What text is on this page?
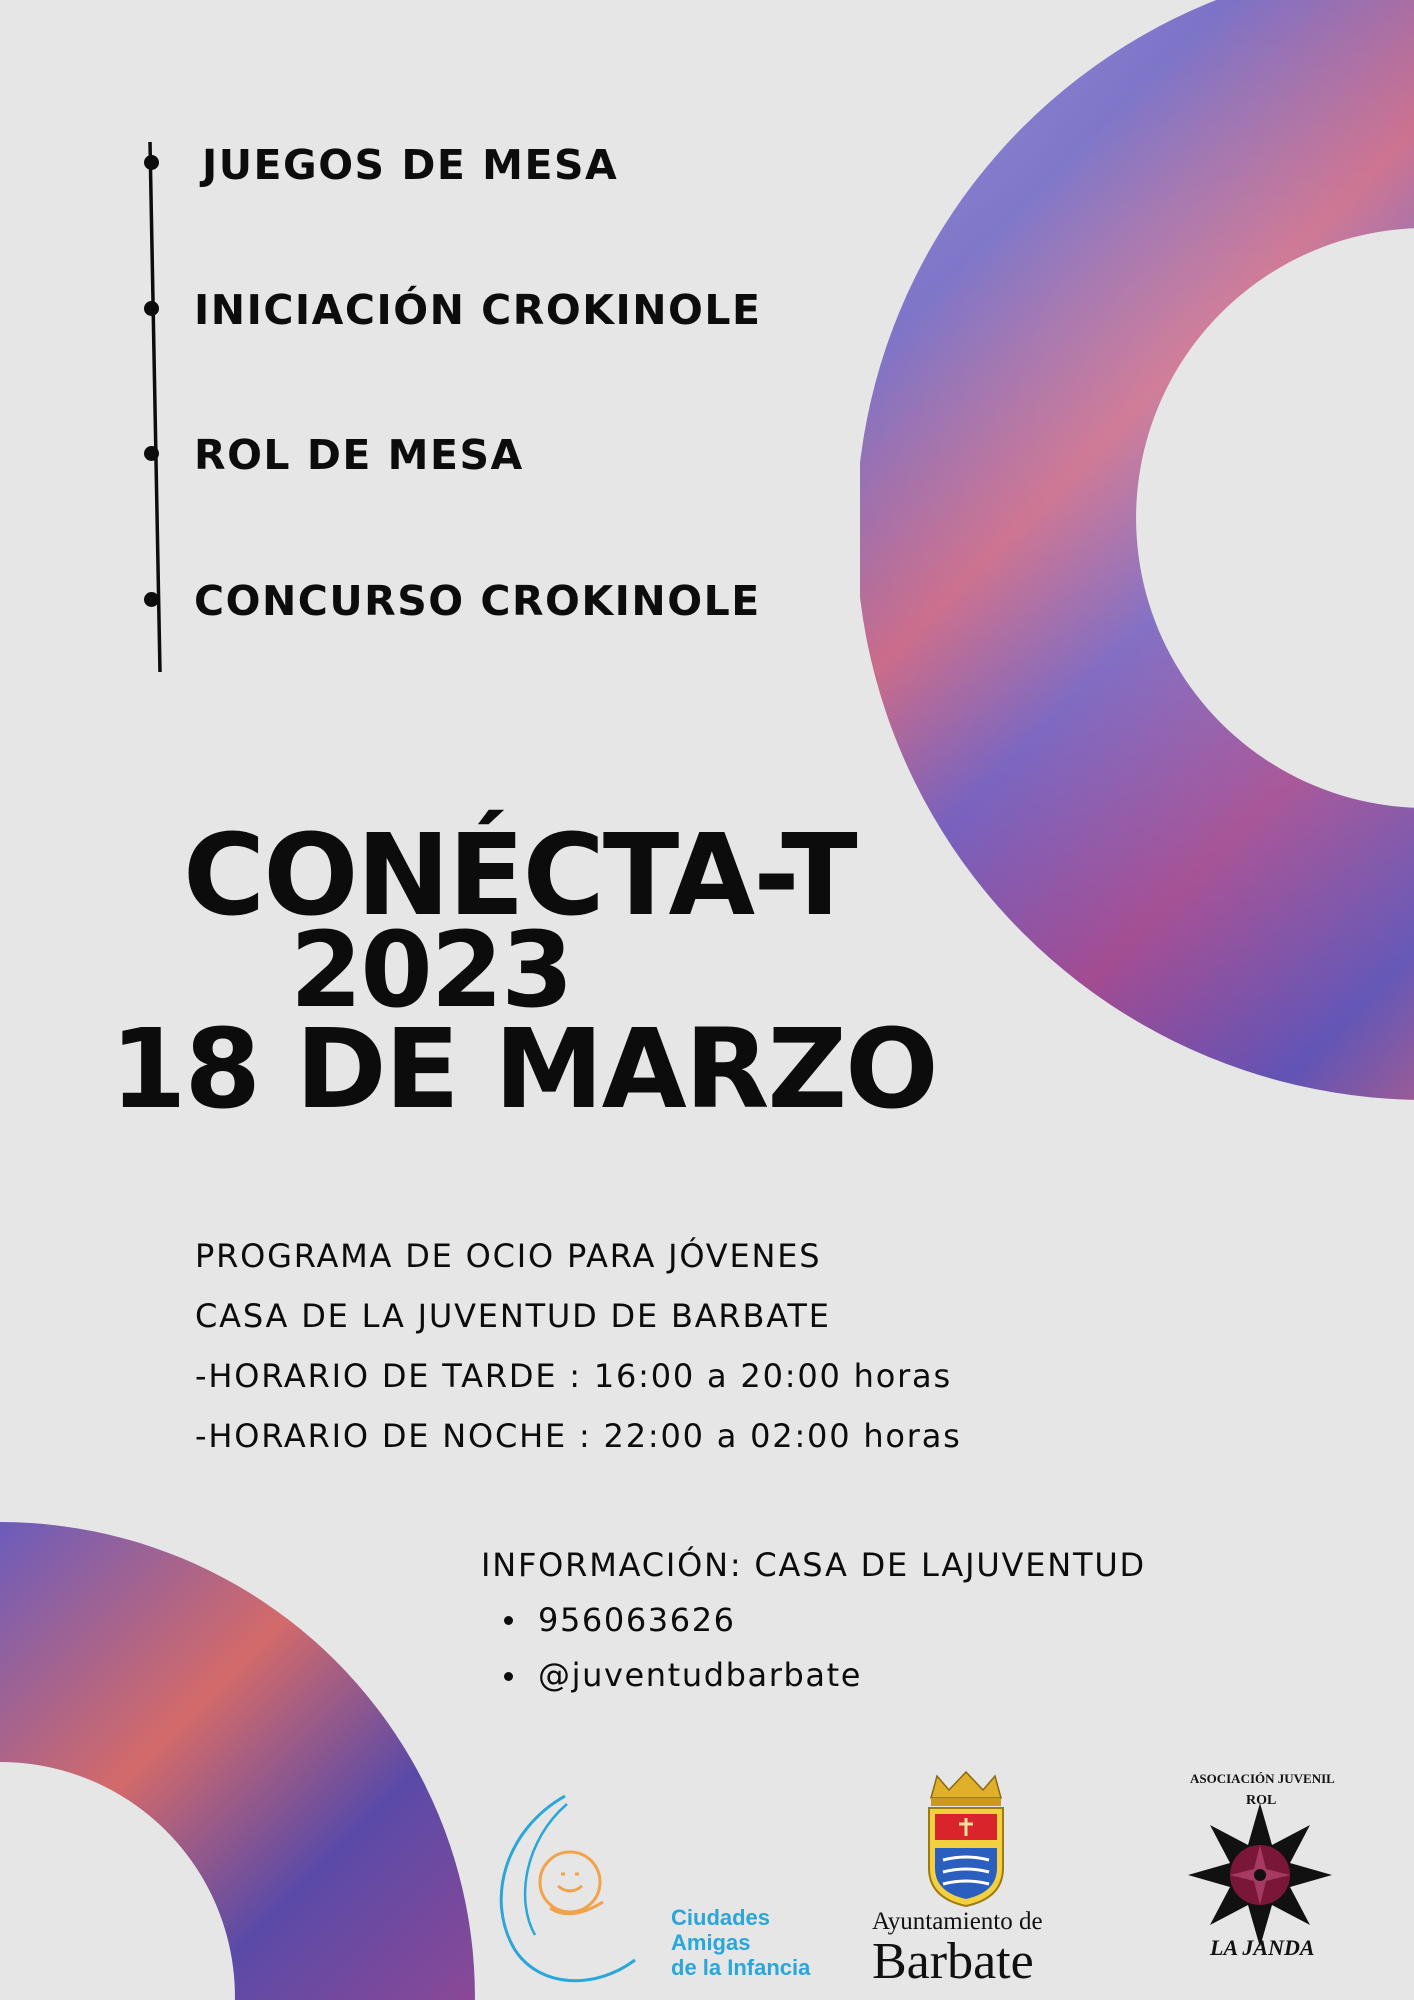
JUEGOS DE MESA
INICIACIÓN CROKINOLE
ROL DE MESA
CONCURSO CROKINOLE
CONÉCTA-T
2023
18 DE MARZO
PROGRAMA DE OCIO PARA JÓVENES
CASA DE LA JUVENTUD DE BARBATE
-HORARIO DE TARDE : 16:00 a 20:00 horas
-HORARIO DE NOCHE : 22:00 a 02:00 horas
INFORMACIÓN: CASA DE LAJUVENTUD
956063626
@juventudbarbate
Ciudades
Amigas
de la Infancia
Ayuntamiento de
Barbate
ASOCIACIÓN JUVENIL
ROL
LA JANDA
